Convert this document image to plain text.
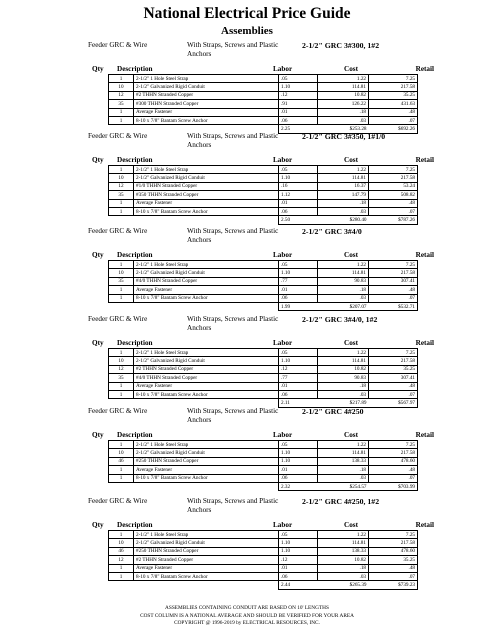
National Electrical Price Guide
Assemblies
Feeder GRC & Wire	With Straps, Screws and Plastic Anchors
2-1/2" GRC 3#300, 1#2
Qty Description	Labor	Cost	Retail
1	2-1/2" 1 Hole Steel Strap	.05	1.22	7.25
10	2-1/2" Galvanized Rigid Conduit	1.10	114.81	217.58
12	#2 THHN Stranded Copper	.12	10.82	35.25
35	#300 THHN Stranded Copper	.91	126.22	431.63
1	Average Fastener	.01	.18	.48
1	8-10 x 7/8" Bantam Screw Anchor	.06	.03	.07
		2.25	$253.28	$692.26
Feeder GRC & Wire	With Straps, Screws and Plastic Anchors
2-1/2" GRC 3#350, 1#1/0
Qty Description	Labor	Cost	Retail
1	2-1/2" 1 Hole Steel Strap	.05	1.22	7.25
10	2-1/2" Galvanized Rigid Conduit	1.10	114.81	217.58
12	#1/0 THHN Stranded Copper	.16	16.37	53.24
35	#350 THHN Stranded Copper	1.12	147.79	508.82
1	Average Fastener	.01	.18	.48
1	8-10 x 7/8" Bantam Screw Anchor	.06	.03	.07
		2.50	$280.40	$787.26
Feeder GRC & Wire	With Straps, Screws and Plastic Anchors
2-1/2" GRC 3#4/0
Qty Description	Labor	Cost	Retail
1	2-1/2" 1 Hole Steel Strap	.05	1.22	7.25
10	2-1/2" Galvanized Rigid Conduit	1.10	114.81	217.58
35	#4/0 THHN Stranded Copper	.77	90.83	307.41
1	Average Fastener	.01	.18	.48
1	8-10 x 7/8" Bantam Screw Anchor	.06	.03	.07
		1.99	$207.07	$532.71
Feeder GRC & Wire	With Straps, Screws and Plastic Anchors
2-1/2" GRC 3#4/0, 1#2
Qty Description	Labor	Cost	Retail
1	2-1/2" 1 Hole Steel Strap	.05	1.22	7.25
10	2-1/2" Galvanized Rigid Conduit	1.10	114.81	217.58
12	#2 THHN Stranded Copper	.12	10.82	35.25
35	#4/0 THHN Stranded Copper	.77	90.83	307.41
1	Average Fastener	.01	.18	.48
1	8-10 x 7/8" Bantam Screw Anchor	.06	.03	.07
		2.11	$217.89	$567.97
Feeder GRC & Wire	With Straps, Screws and Plastic Anchors
2-1/2" GRC 4#250
Qty Description	Labor	Cost	Retail
1	2-1/2" 1 Hole Steel Strap	.05	1.22	7.25
10	2-1/2" Galvanized Rigid Conduit	1.10	114.81	217.58
46	#250 THHN Stranded Copper	1.10	138.33	478.60
1	Average Fastener	.01	.18	.48
1	8-10 x 7/8" Bantam Screw Anchor	.06	.03	.07
		2.32	$254.57	$703.99
Feeder GRC & Wire	With Straps, Screws and Plastic Anchors
2-1/2" GRC 4#250, 1#2
Qty Description	Labor	Cost	Retail
1	2-1/2" 1 Hole Steel Strap	.05	1.22	7.25
10	2-1/2" Galvanized Rigid Conduit	1.10	114.81	217.58
46	#250 THHN Stranded Copper	1.10	138.33	478.60
12	#2 THHN Stranded Copper	.12	10.82	35.25
1	Average Fastener	.01	.18	.48
1	8-10 x 7/8" Bantam Screw Anchor	.06	.03	.07
		2.44	$265.39	$739.23
ASSEMBLIES CONTAINING CONDUIT ARE BASED ON 10' LENGTHS
COST COLUMN IS A NATIONAL AVERAGE AND SHOULD BE VERIFIED FOR YOUR AREA
COPYRIGHT @ 1996-2019 by ELECTRICAL RESOURCES, INC.
